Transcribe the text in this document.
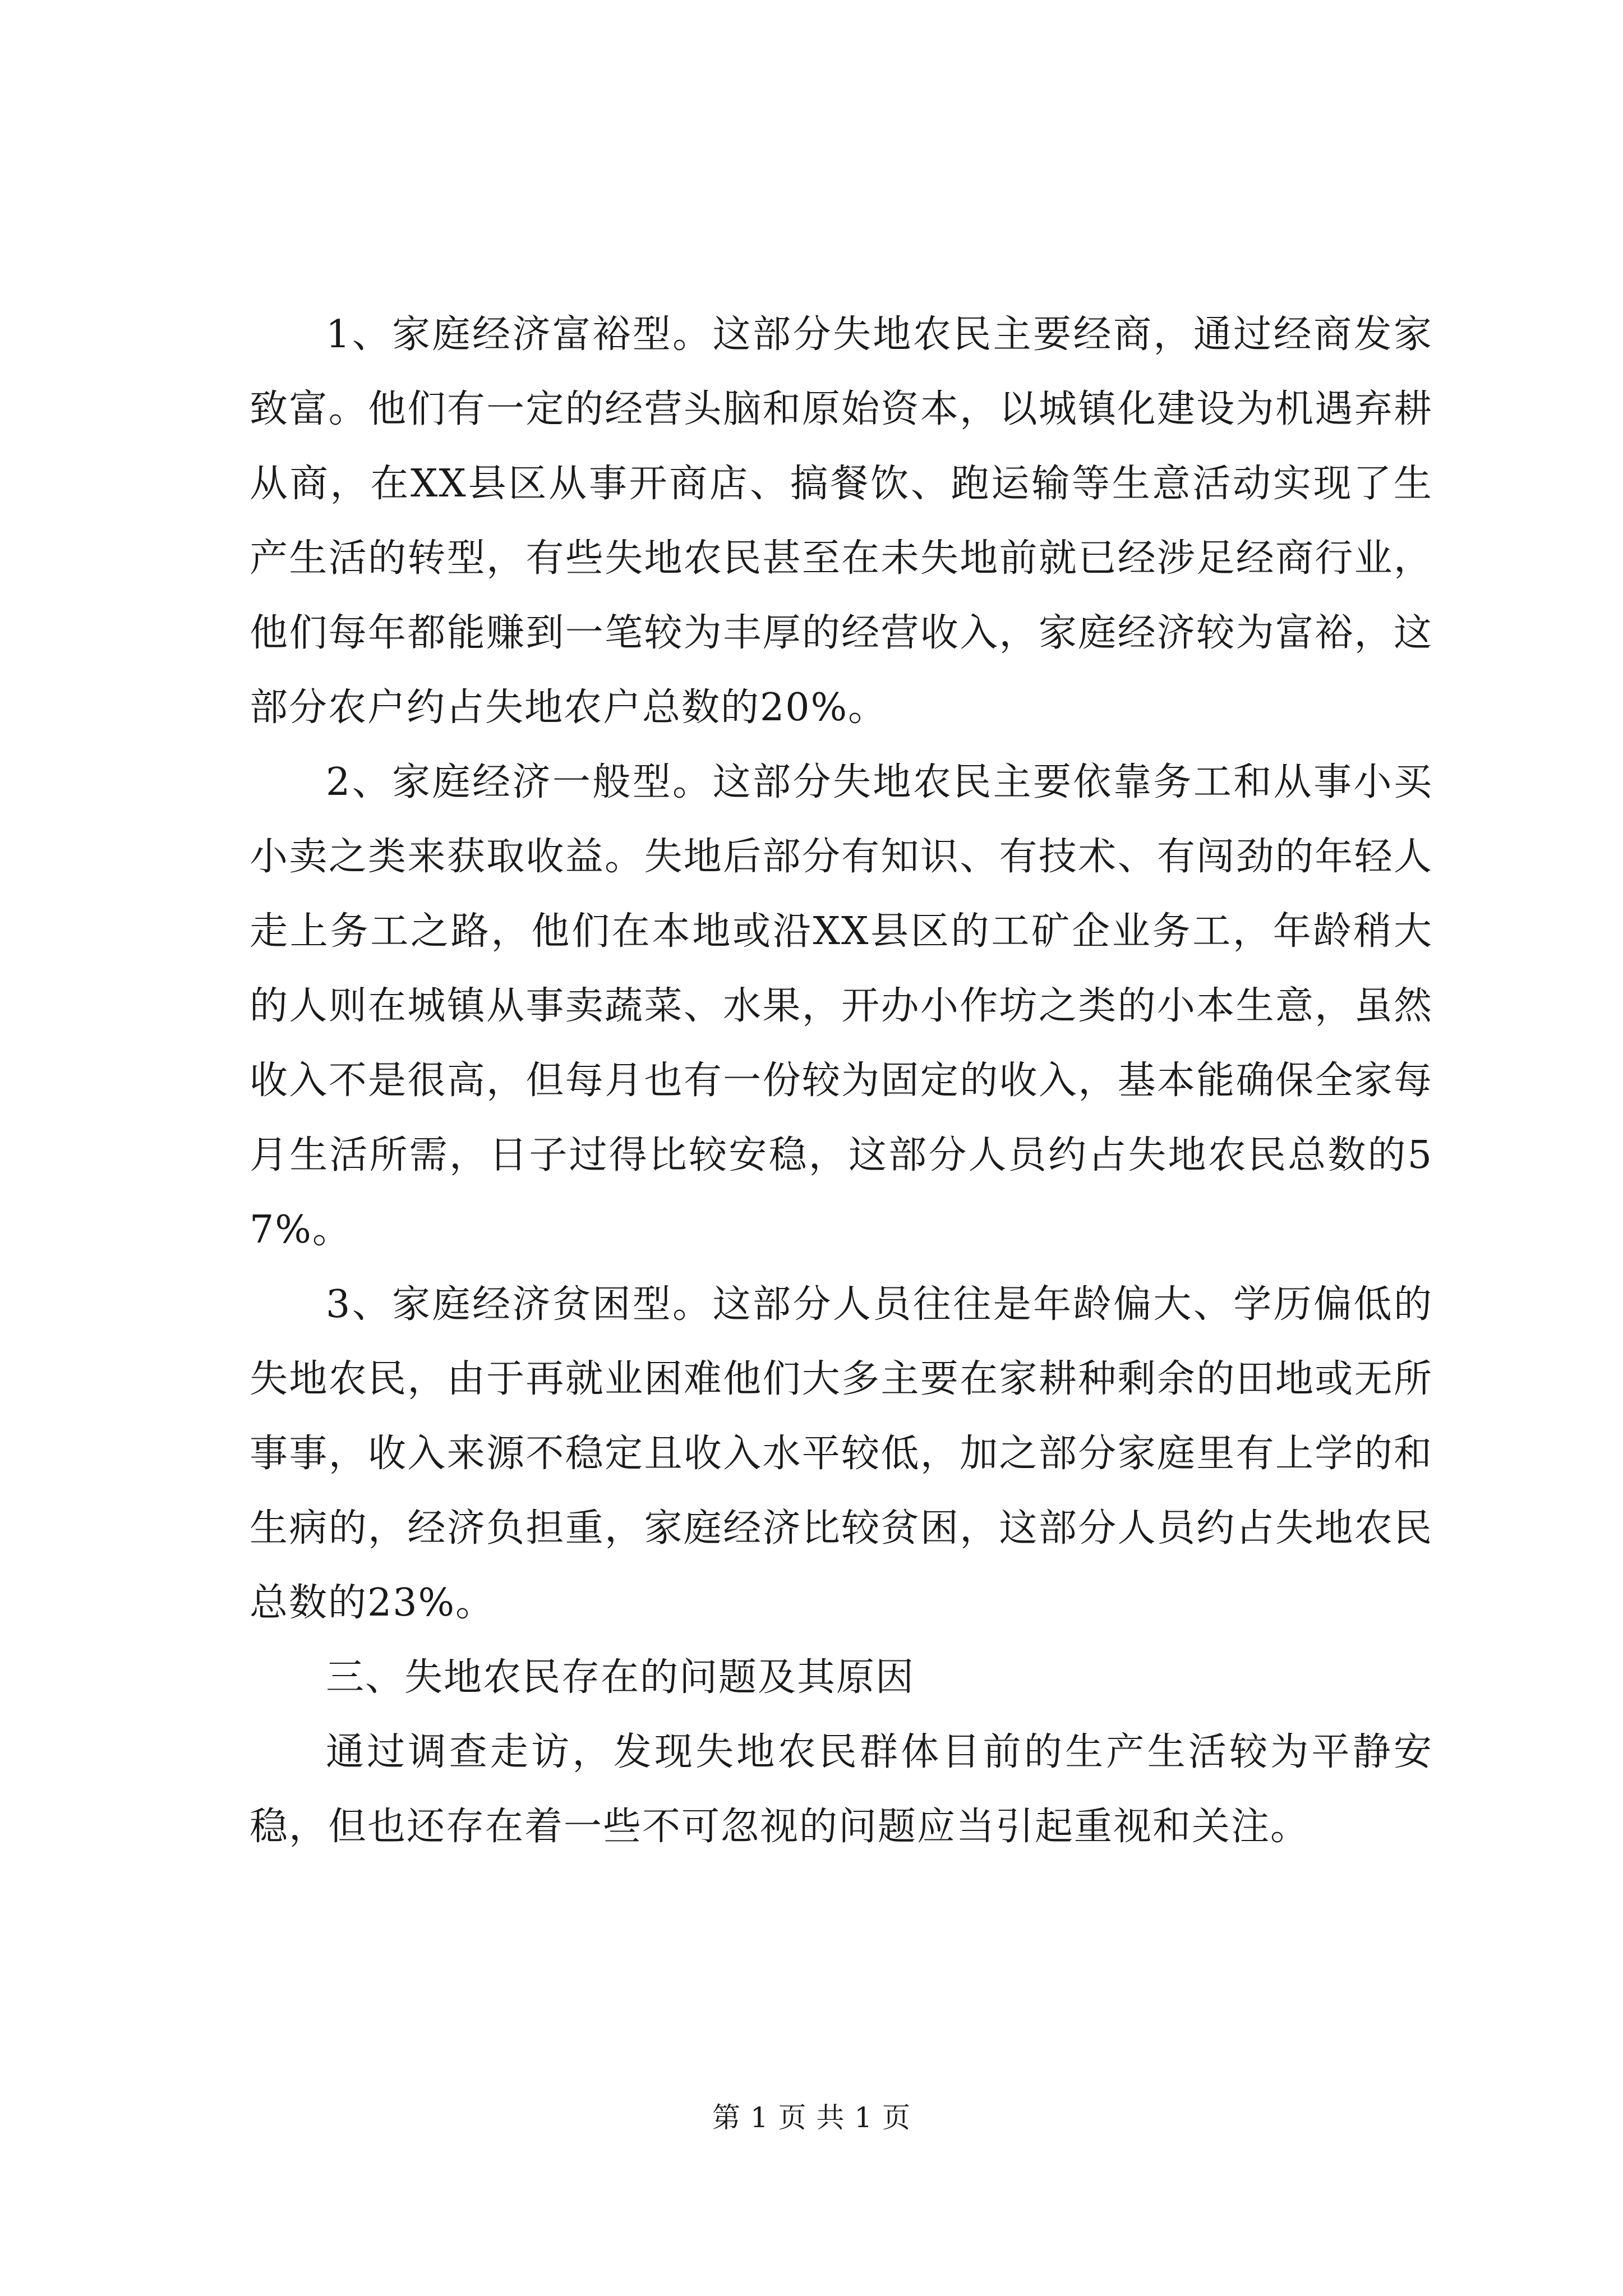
1、家庭经济富裕型。这部分失地农民主要经商，通过经商发家致富。他们有一定的经营头脑和原始资本，以城镇化建设为机遇弃耕从商，在XX县区从事开商店、搞餐饮、跑运输等生意活动实现了生产生活的转型，有些失地农民甚至在未失地前就已经涉足经商行业，他们每年都能赚到一笔较为丰厚的经营收入，家庭经济较为富裕，这部分农户约占失地农户总数的20%。

2、家庭经济一般型。这部分失地农民主要依靠务工和从事小买小卖之类来获取收益。失地后部分有知识、有技术、有闯劲的年轻人走上务工之路，他们在本地或沿XX县区的工矿企业务工，年龄稍大的人则在城镇从事卖蔬菜、水果，开办小作坊之类的小本生意，虽然收入不是很高，但每月也有一份较为固定的收入，基本能确保全家每月生活所需，日子过得比较安稳，这部分人员约占失地农民总数的57%。

3、家庭经济贫困型。这部分人员往往是年龄偏大、学历偏低的失地农民，由于再就业困难他们大多主要在家耕种剩余的田地或无所事事，收入来源不稳定且收入水平较低，加之部分家庭里有上学的和生病的，经济负担重，家庭经济比较贫困，这部分人员约占失地农民总数的23%。

三、失地农民存在的问题及其原因

通过调查走访，发现失地农民群体目前的生产生活较为平静安稳，但也还存在着一些不可忽视的问题应当引起重视和关注。

第 1 页 共 1 页
